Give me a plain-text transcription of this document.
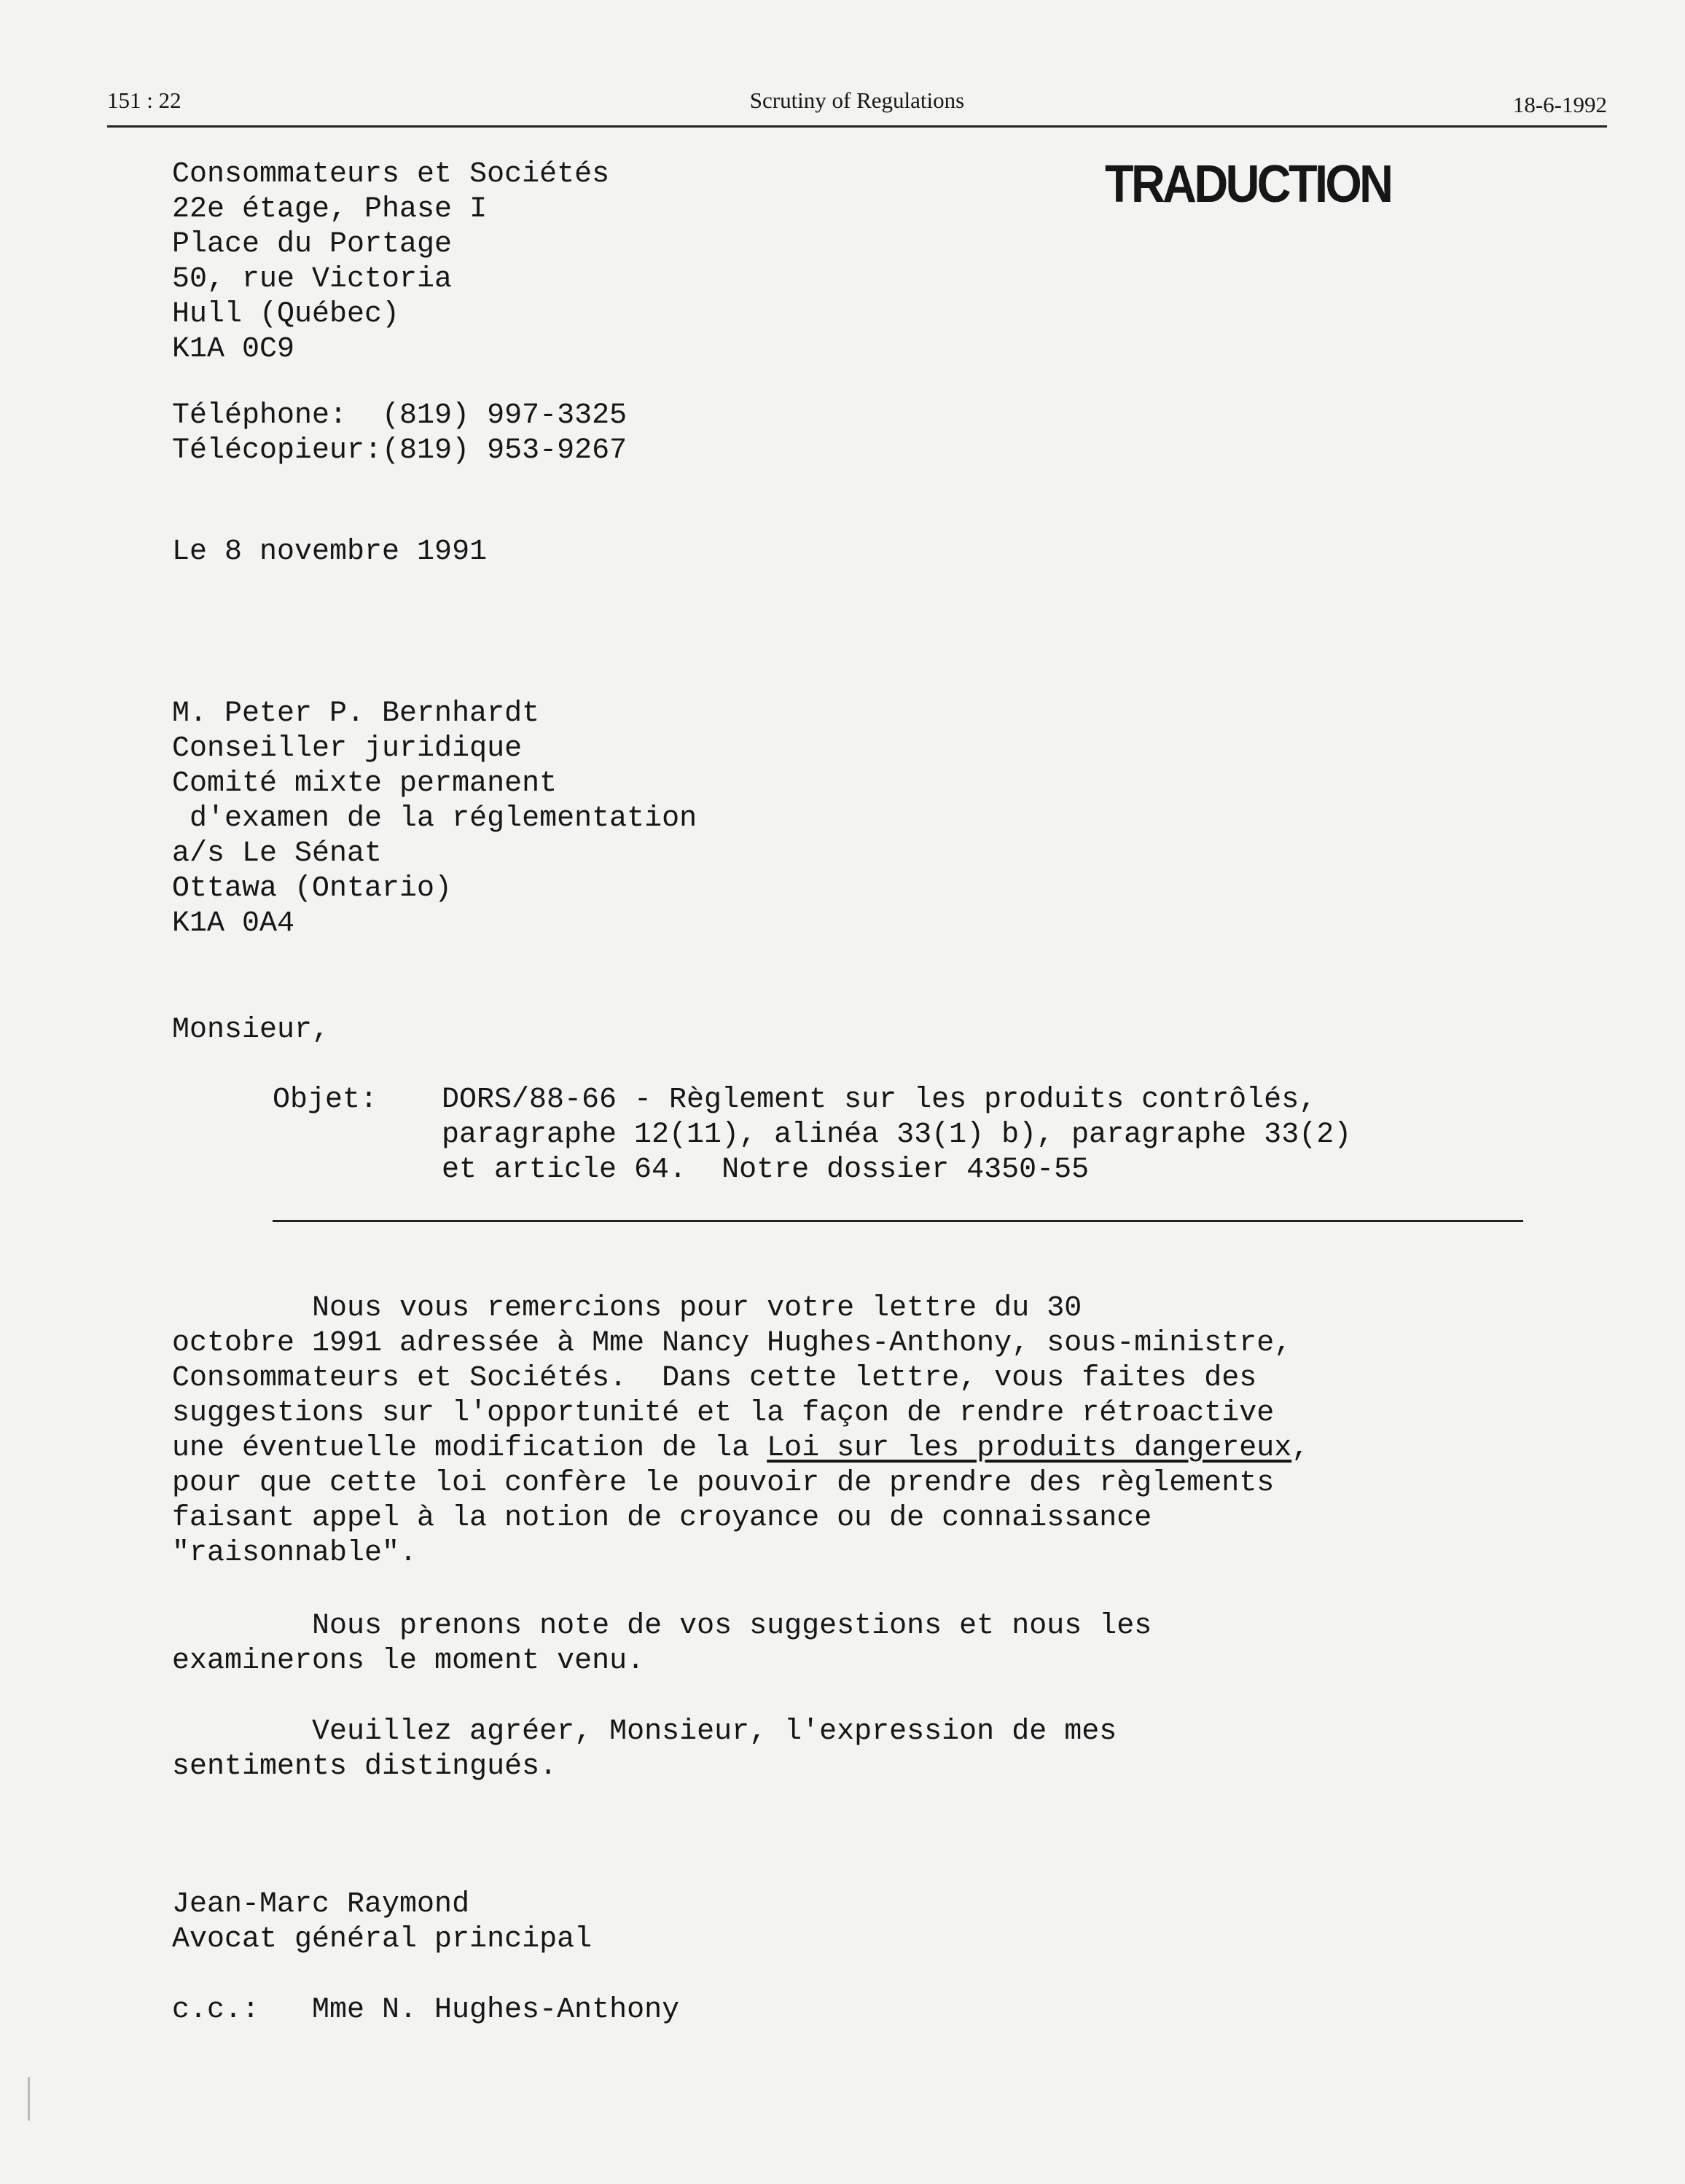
151 : 22	Scrutiny of Regulations	18-6-1992
TRADUCTION
Consommateurs et Sociétés
22e étage, Phase I
Place du Portage
50, rue Victoria
Hull (Québec)
K1A 0C9
Téléphone:  (819) 997-3325
Télécopieur:(819) 953-9267
Le 8 novembre 1991
M. Peter P. Bernhardt
Conseiller juridique
Comité mixte permanent
d'examen de la réglementation
a/s Le Sénat
Ottawa (Ontario)
K1A 0A4
Monsieur,
Objet: DORS/88-66 - Règlement sur les produits contrôlés,
paragraphe 12(11), alinéa 33(1) b), paragraphe 33(2)
et article 64.  Notre dossier 4350-55
Nous vous remercions pour votre lettre du 30
octobre 1991 adressée à Mme Nancy Hughes-Anthony, sous-ministre,
Consommateurs et Sociétés.  Dans cette lettre, vous faites des
suggestions sur l'opportunité et la façon de rendre rétroactive
une éventuelle modification de la Loi sur les produits dangereux,
pour que cette loi confère le pouvoir de prendre des règlements
faisant appel à la notion de croyance ou de connaissance
"raisonnable".
Nous prenons note de vos suggestions et nous les
examinerons le moment venu.
Veuillez agréer, Monsieur, l'expression de mes
sentiments distingués.
Jean-Marc Raymond
Avocat général principal
c.c.: Mme N. Hughes-Anthony
